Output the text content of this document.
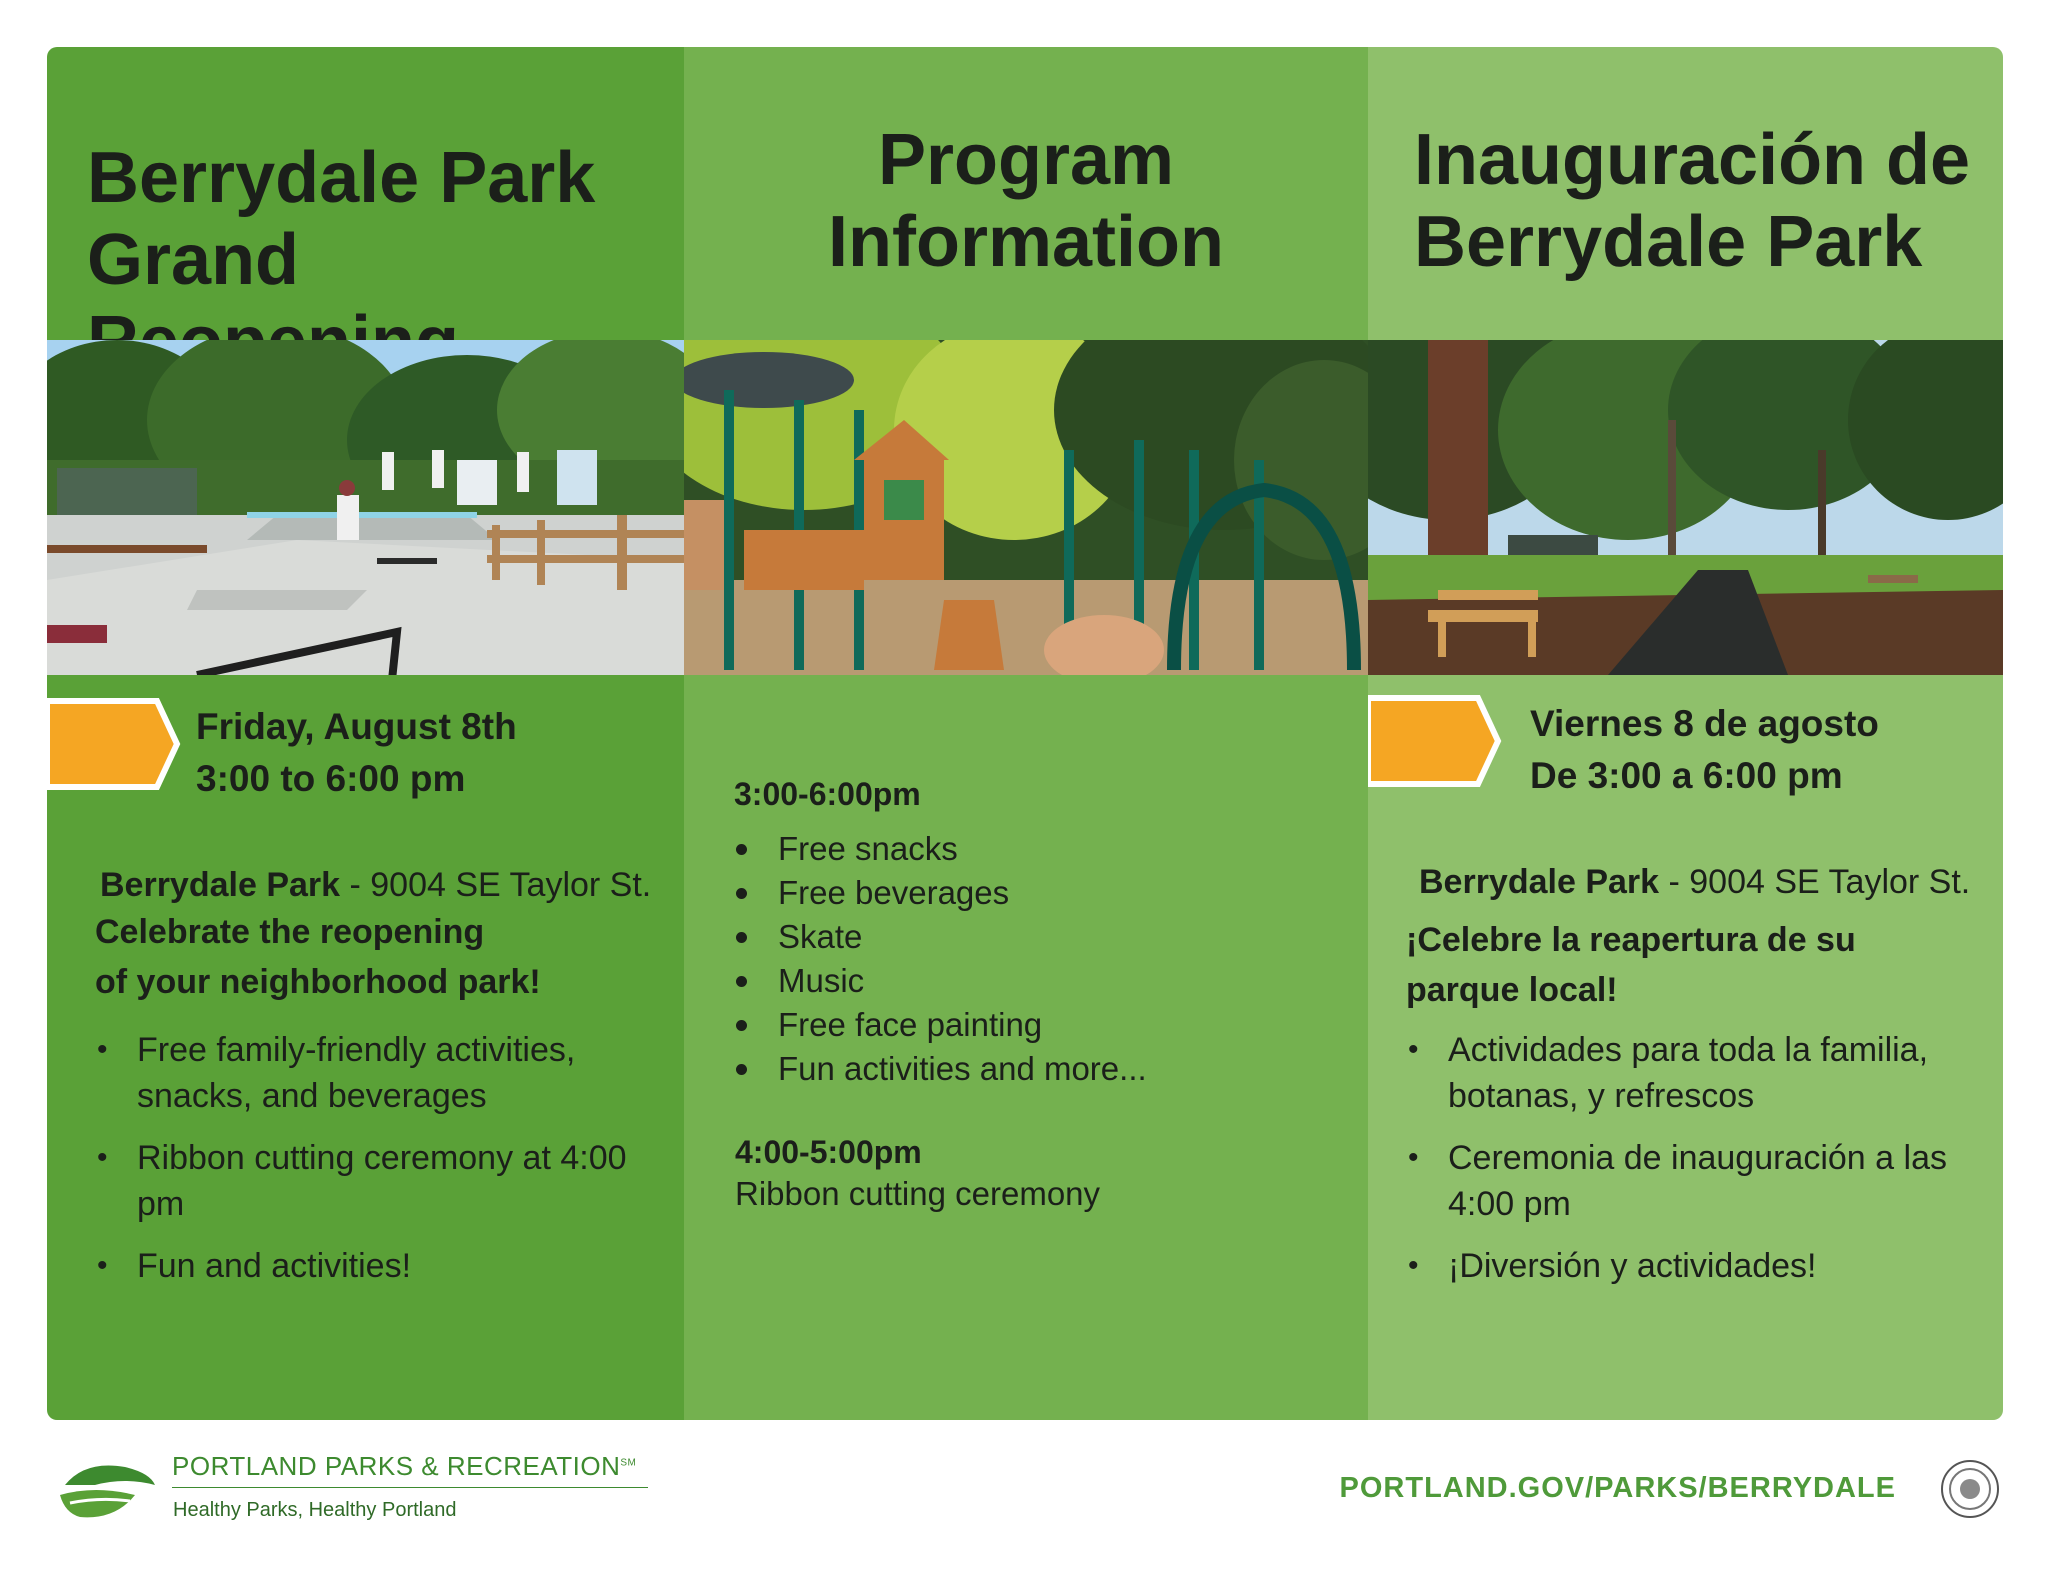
Berrydale Park
Grand
Friday, August 8th
3:00 to 6:00 pm
Berrydale Park - 9004 SE Taylor St.
Celebrate the reopening
of your neighborhood park!
• Free family-friendly activities, snacks, and beverages
• Ribbon cutting ceremony at 4:00 pm
• Fun and activities!
Program
Information
3:00-6:00pm
Free snacks
Free beverages
Skate
Music
Free face painting
Fun activities and more...
4:00-5:00pm
Ribbon cutting ceremony
Inauguración de
Berrydale Park
Viernes 8 de agosto
De 3:00 a 6:00 pm
Berrydale Park - 9004 SE Taylor St.
¡Celebre la reapertura de su
parque local!
• Actividades para toda la familia, botanas, y refrescos
• Ceremonia de inauguración a las 4:00 pm
• ¡Diversión y actividades!
PORTLAND PARKS & RECREATION℠
Healthy Parks, Healthy Portland
PORTLAND.GOV/PARKS/BERRYDALE
